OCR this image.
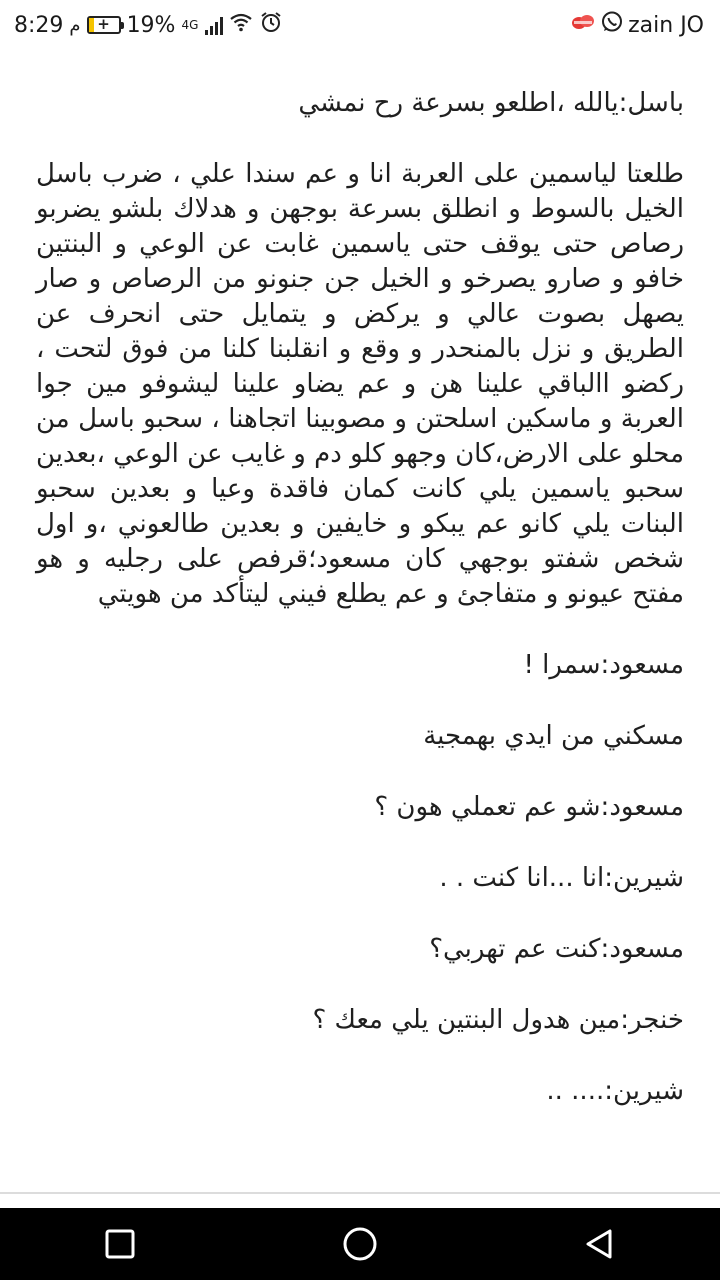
8:29 م	+ 19% 4G	zain JO

باسل:يالله ،اطلعو بسرعة رح نمشي

طلعتا لياسمين على العربة انا و عم سندا علي ، ضرب باسل الخيل بالسوط و انطلق بسرعة بوجهن و هدلاك بلشو يضربو رصاص حتى يوقف حتى ياسمين غابت عن الوعي و البنتين خافو و صارو يصرخو و الخيل جن جنونو من الرصاص و صار يصهل بصوت عالي و يركض و يتمايل حتى انحرف عن الطريق و نزل بالمنحدر و وقع و انقلبنا كلنا من فوق لتحت ، ركضو االباقي علينا هن و عم يضاو علينا ليشوفو مين جوا العربة و ماسكين اسلحتن و مصوبينا اتجاهنا ، سحبو باسل من محلو على الارض،كان وجهو كلو دم و غايب عن الوعي ،بعدين سحبو ياسمين يلي كانت كمان فاقدة وعيا و بعدين سحبو البنات يلي كانو عم يبكو و خايفين و بعدين طالعوني ،و اول شخص شفتو بوجهي كان مسعود؛قرفص على رجليه و هو مفتح عيونو و متفاجئ و عم يطلع فيني ليتأكد من هويتي

مسعود:سمرا !

مسكني من ايدي بهمجية

مسعود:شو عم تعملي هون ؟

شيرين:انا ...انا كنت . .

مسعود:كنت عم تهربي؟

خنجر:مين هدول البنتين يلي معك ؟

شيرين:.... ..
